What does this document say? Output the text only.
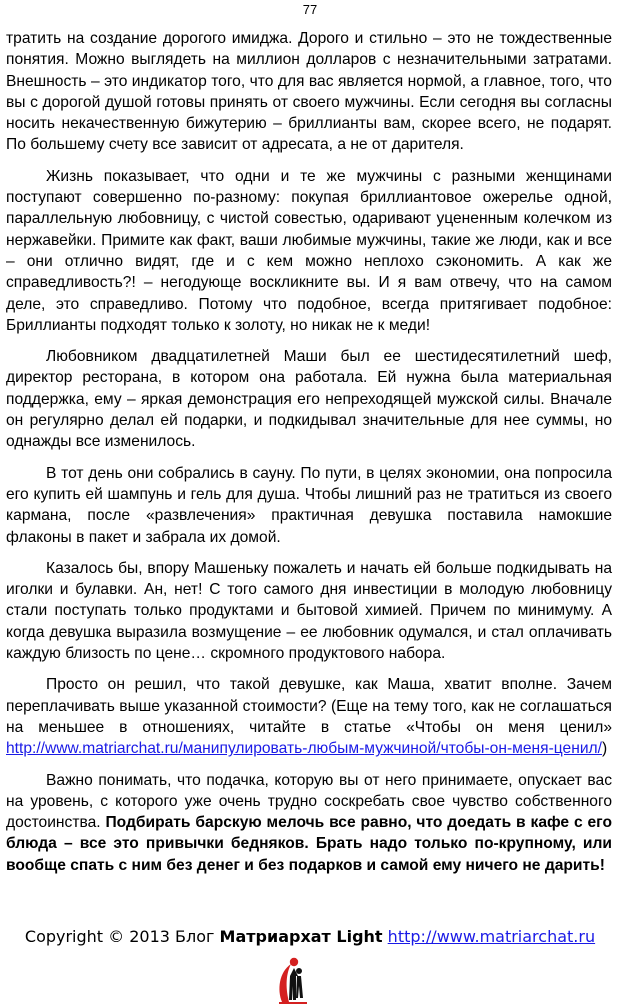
77

тратить на создание дорогого имиджа. Дорого и стильно – это не тождественные понятия. Можно выглядеть на миллион долларов с незначительными затратами. Внешность – это индикатор того, что для вас является нормой, а главное, того, что вы с дорогой душой готовы принять от своего мужчины. Если сегодня вы согласны носить некачественную бижутерию – бриллианты вам, скорее всего, не подарят. По большему счету все зависит от адресата, а не от дарителя.

Жизнь показывает, что одни и те же мужчины с разными женщинами поступают совершенно по-разному: покупая бриллиантовое ожерелье одной, параллельную любовницу, с чистой совестью, одаривают уцененным колечком из нержавейки. Примите как факт, ваши любимые мужчины, такие же люди, как и все – они отлично видят, где и с кем можно неплохо сэкономить. А как же справедливость?! – негодующе воскликните вы. И я вам отвечу, что на самом деле, это справедливо. Потому что подобное, всегда притягивает подобное: Бриллианты подходят только к золоту, но никак не к меди!

Любовником двадцатилетней Маши был ее шестидесятилетний шеф, директор ресторана, в котором она работала. Ей нужна была материальная поддержка, ему – яркая демонстрация его непреходящей мужской силы. Вначале он регулярно делал ей подарки, и подкидывал значительные для нее суммы, но однажды все изменилось.

В тот день они собрались в сауну. По пути, в целях экономии, она попросила его купить ей шампунь и гель для душа. Чтобы лишний раз не тратиться из своего кармана, после «развлечения» практичная девушка поставила намокшие флаконы в пакет и забрала их домой.

Казалось бы, впору Машеньку пожалеть и начать ей больше подкидывать на иголки и булавки. Ан, нет! С того самого дня инвестиции в молодую любовницу стали поступать только продуктами и бытовой химией. Причем по минимуму. А когда девушка выразила возмущение – ее любовник одумался, и стал оплачивать каждую близость по цене… скромного продуктового набора.

Просто он решил, что такой девушке, как Маша, хватит вполне. Зачем переплачивать выше указанной стоимости? (Еще на тему того, как не соглашаться на меньшее в отношениях, читайте в статье «Чтобы он меня ценил» http://www.matriarchat.ru/манипулировать-любым-мужчиной/чтобы-он-меня-ценил/)

Важно понимать, что подачка, которую вы от него принимаете, опускает вас на уровень, с которого уже очень трудно соскребать свое чувство собственного достоинства. Подбирать барскую мелочь все равно, что доедать в кафе с его блюда – все это привычки бедняков. Брать надо только по-крупному, или вообще спать с ним без денег и без подарков и самой ему ничего не дарить!

Copyright © 2013 Блог Матриархат Light http://www.matriarchat.ru
